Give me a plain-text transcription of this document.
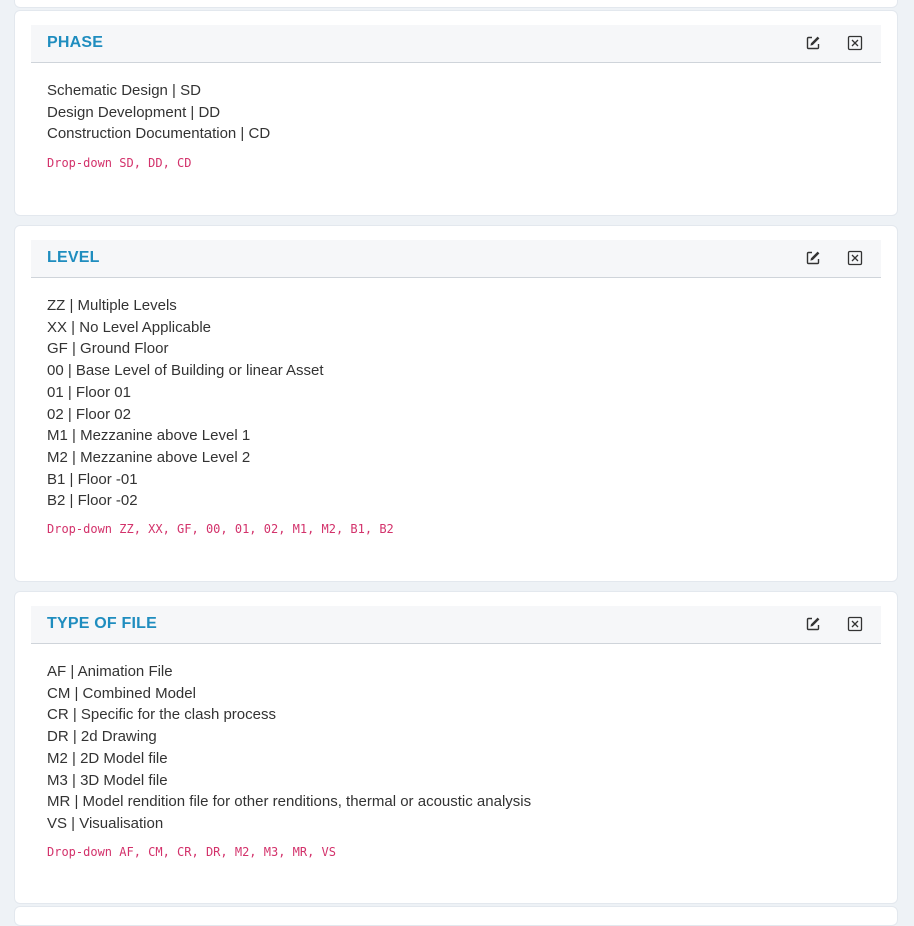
PHASE
Schematic Design | SD
Design Development | DD
Construction Documentation | CD
Drop-down SD, DD, CD
LEVEL
ZZ | Multiple Levels
XX | No Level Applicable
GF | Ground Floor
00 | Base Level of Building or linear Asset
01 | Floor 01
02 | Floor 02
M1 | Mezzanine above Level 1
M2 | Mezzanine above Level 2
B1 | Floor -01
B2 | Floor -02
Drop-down ZZ, XX, GF, 00, 01, 02, M1, M2, B1, B2
TYPE OF FILE
AF | Animation File
CM | Combined Model
CR | Specific for the clash process
DR | 2d Drawing
M2 | 2D Model file
M3 | 3D Model file
MR | Model rendition file for other renditions, thermal or acoustic analysis
VS | Visualisation
Drop-down AF, CM, CR, DR, M2, M3, MR, VS
